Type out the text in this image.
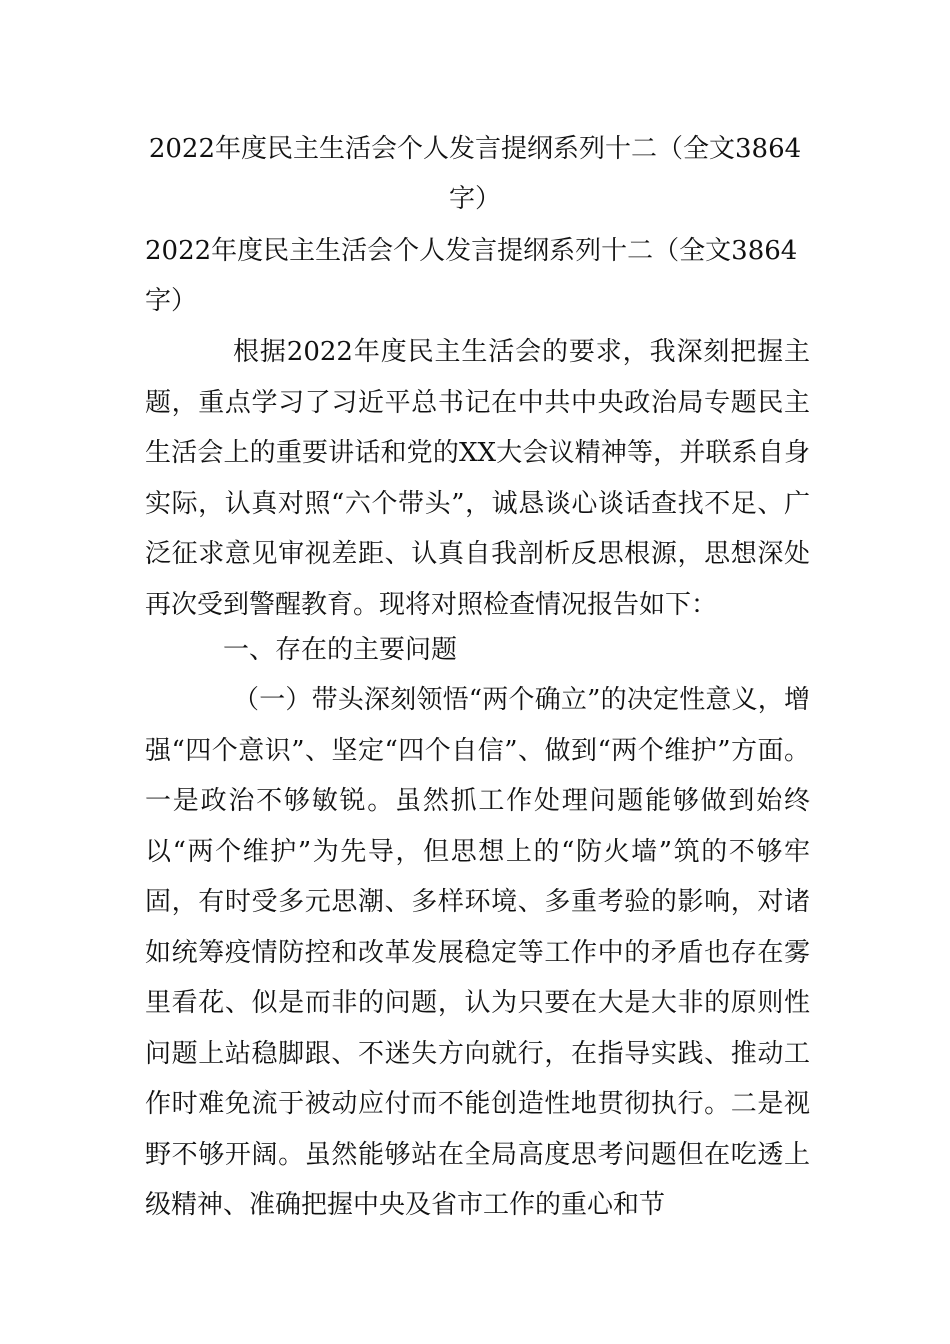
2022年度民主生活会个人发言提纲系列十二（全文3864字）

2022年度民主生活会个人发言提纲系列十二（全文3864字）

根据2022年度民主生活会的要求，我深刻把握主题，重点学习了习近平总书记在中共中央政治局专题民主生活会上的重要讲话和党的XX大会议精神等，并联系自身实际，认真对照“六个带头”，诚恳谈心谈话查找不足、广泛征求意见审视差距、认真自我剖析反思根源，思想深处再次受到警醒教育。现将对照检查情况报告如下：

一、存在的主要问题

（一）带头深刻领悟“两个确立”的决定性意义，增强“四个意识”、坚定“四个自信”、做到“两个维护”方面。一是政治不够敏锐。虽然抓工作处理问题能够做到始终以“两个维护”为先导，但思想上的“防火墙”筑的不够牢固，有时受多元思潮、多样环境、多重考验的影响，对诸如统筹疫情防控和改革发展稳定等工作中的矛盾也存在雾里看花、似是而非的问题，认为只要在大是大非的原则性问题上站稳脚跟、不迷失方向就行，在指导实践、推动工作时难免流于被动应付而不能创造性地贯彻执行。二是视野不够开阔。虽然能够站在全局高度思考问题但在吃透上级精神、准确把握中央及省市工作的重心和节
